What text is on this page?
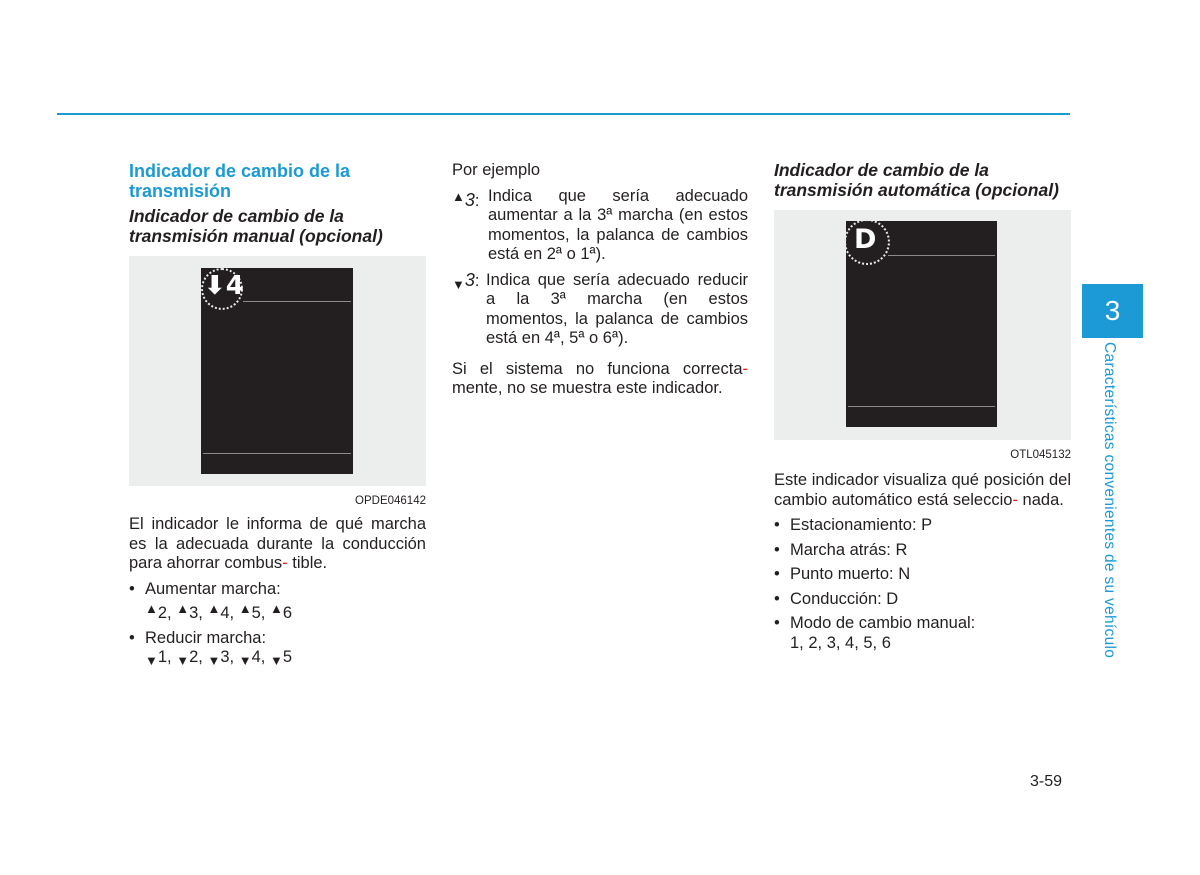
Indicador de cambio de la transmisión
Indicador de cambio de la transmisión manual (opcional)
⬇4
OPDE046142

El indicador le informa de qué marcha es la adecuada durante la conducción para ahorrar combus- tible.

• Aumentar marcha:
▲2, ▲3, ▲4, ▲5, ▲6
• Reducir marcha:
▼1, ▼2, ▼3, ▼4, ▼5

Por ejemplo

▲3: Indica que sería adecuado aumentar a la 3ª marcha (en estos momentos, la palanca de cambios está en 2ª o 1ª).

▼3: Indica que sería adecuado reducir a la 3ª marcha (en estos momentos, la palanca de cambios está en 4ª, 5ª o 6ª).

Si el sistema no funciona correcta- mente, no se muestra este indicador.

Indicador de cambio de la transmisión automática (opcional)
D
OTL045132

Este indicador visualiza qué posición del cambio automático está seleccio- nada.

• Estacionamiento: P
• Marcha atrás: R
• Punto muerto: N
• Conducción: D
• Modo de cambio manual:
1, 2, 3, 4, 5, 6
3
Características convenientes de su vehículo
3-59
